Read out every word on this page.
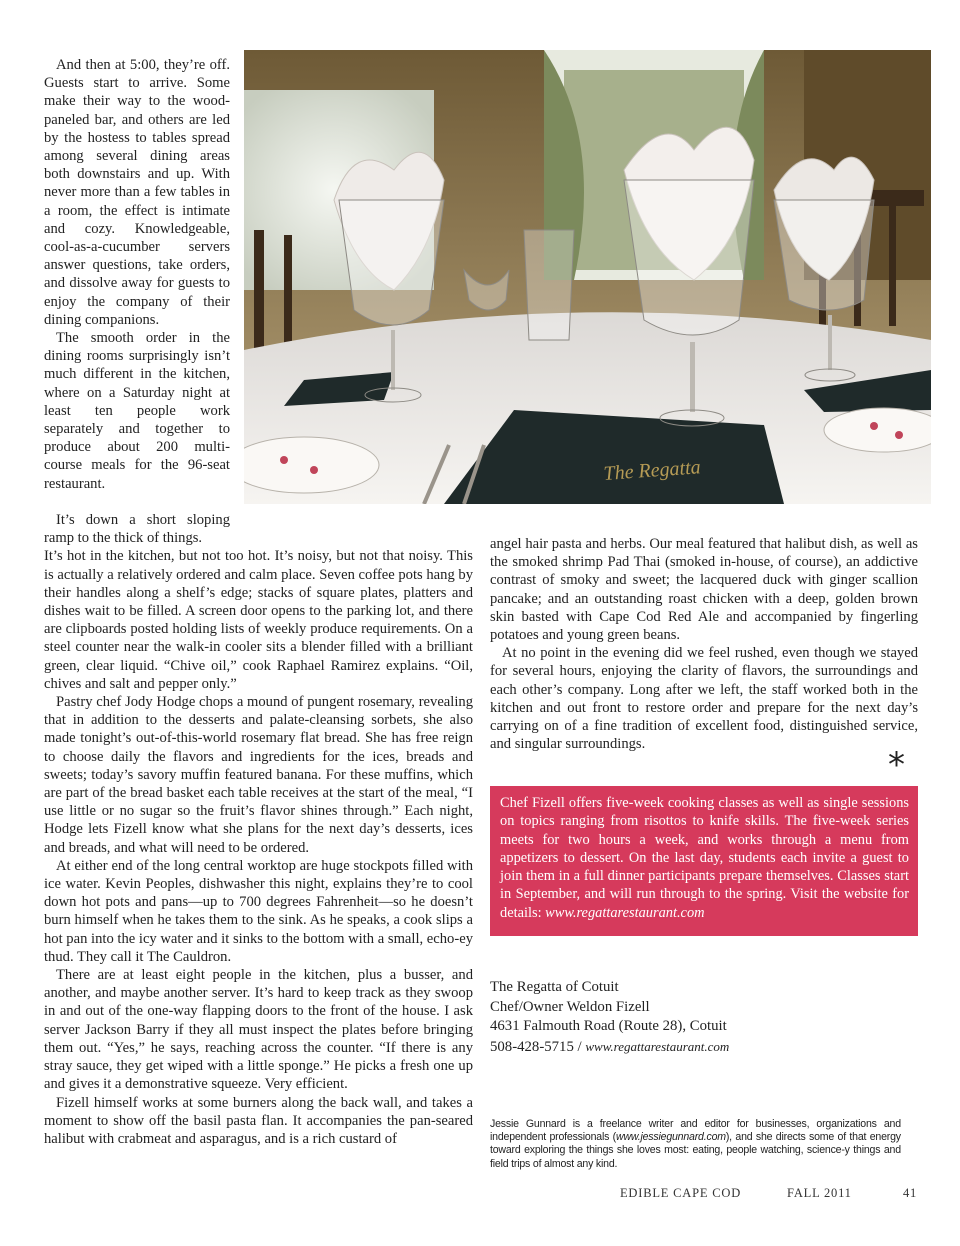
The Regatta

And then at 5:00, they’re off. Guests start to arrive. Some make their way to the wood-paneled bar, and others are led by the hostess to tables spread among several dining areas both downstairs and up. With never more than a few tables in a room, the effect is intimate and cozy. Knowledgeable, cool-as-a-cucumber servers answer questions, take orders, and dissolve away for guests to enjoy the company of their dining companions.

The smooth order in the dining rooms surprisingly isn’t much different in the kitchen, where on a Saturday night at least ten people work separately and together to produce about 200 multi-course meals for the 96-seat restaurant.

It’s down a short sloping ramp to the thick of things.

It’s hot in the kitchen, but not too hot. It’s noisy, but not that noisy. This is actually a relatively ordered and calm place. Seven coffee pots hang by their handles along a shelf’s edge; stacks of square plates, platters and dishes wait to be filled. A screen door opens to the parking lot, and there are clipboards posted holding lists of weekly produce requirements. On a steel counter near the walk-in cooler sits a blender filled with a brilliant green, clear liquid. “Chive oil,” cook Raphael Ramirez explains. “Oil, chives and salt and pepper only.”

Pastry chef Jody Hodge chops a mound of pungent rosemary, revealing that in addition to the desserts and palate-cleansing sorbets, she also made tonight’s out-of-this-world rosemary flat bread. She has free reign to choose daily the flavors and ingredients for the ices, breads and sweets; today’s savory muffin featured banana. For these muffins, which are part of the bread basket each table receives at the start of the meal, “I use little or no sugar so the fruit’s flavor shines through.” Each night, Hodge lets Fizell know what she plans for the next day’s desserts, ices and breads, and what will need to be ordered.

At either end of the long central worktop are huge stockpots filled with ice water. Kevin Peoples, dishwasher this night, explains they’re to cool down hot pots and pans—up to 700 degrees Fahrenheit—so he doesn’t burn himself when he takes them to the sink. As he speaks, a cook slips a hot pan into the icy water and it sinks to the bottom with a small, echo-ey thud. They call it The Cauldron.

There are at least eight people in the kitchen, plus a busser, and another, and maybe another server. It’s hard to keep track as they swoop in and out of the one-way flapping doors to the front of the house. I ask server Jackson Barry if they all must inspect the plates before bringing them out. “Yes,” he says, reaching across the counter. “If there is any stray sauce, they get wiped with a little sponge.” He picks a fresh one up and gives it a demonstrative squeeze. Very efficient.

Fizell himself works at some burners along the back wall, and takes a moment to show off the basil pasta flan. It accompanies the pan-seared halibut with crabmeat and asparagus, and is a rich custard of

angel hair pasta and herbs. Our meal featured that halibut dish, as well as the smoked shrimp Pad Thai (smoked in-house, of course), an addictive contrast of smoky and sweet; the lacquered duck with ginger scallion pancake; and an outstanding roast chicken with a deep, golden brown skin basted with Cape Cod Red Ale and accompanied by fingerling potatoes and young green beans.

At no point in the evening did we feel rushed, even though we stayed for several hours, enjoying the clarity of flavors, the surroundings and each other’s company. Long after we left, the staff worked both in the kitchen and out front to restore order and prepare for the next day’s carrying on of a fine tradition of excellent food, distinguished service, and singular surroundings.

*
Chef Fizell offers five-week cooking classes as well as single sessions on topics ranging from risottos to knife skills. The five-week series meets for two hours a week, and works through a menu from appetizers to dessert. On the last day, students each invite a guest to join them in a full dinner participants prepare themselves. Classes start in September, and will run through to the spring. Visit the website for details: www.regattarestaurant.com
The Regatta of Cotuit
Chef/Owner Weldon Fizell
4631 Falmouth Road (Route 28), Cotuit
508-428-5715 / www.regattarestaurant.com
Jessie Gunnard is a freelance writer and editor for businesses, organizations and independent professionals (www.jessiegunnard.com), and she directs some of that energy toward exploring the things she loves most: eating, people watching, science-y things and field trips of almost any kind.
EDIBLE CAPE COD	FALL 2011	41
